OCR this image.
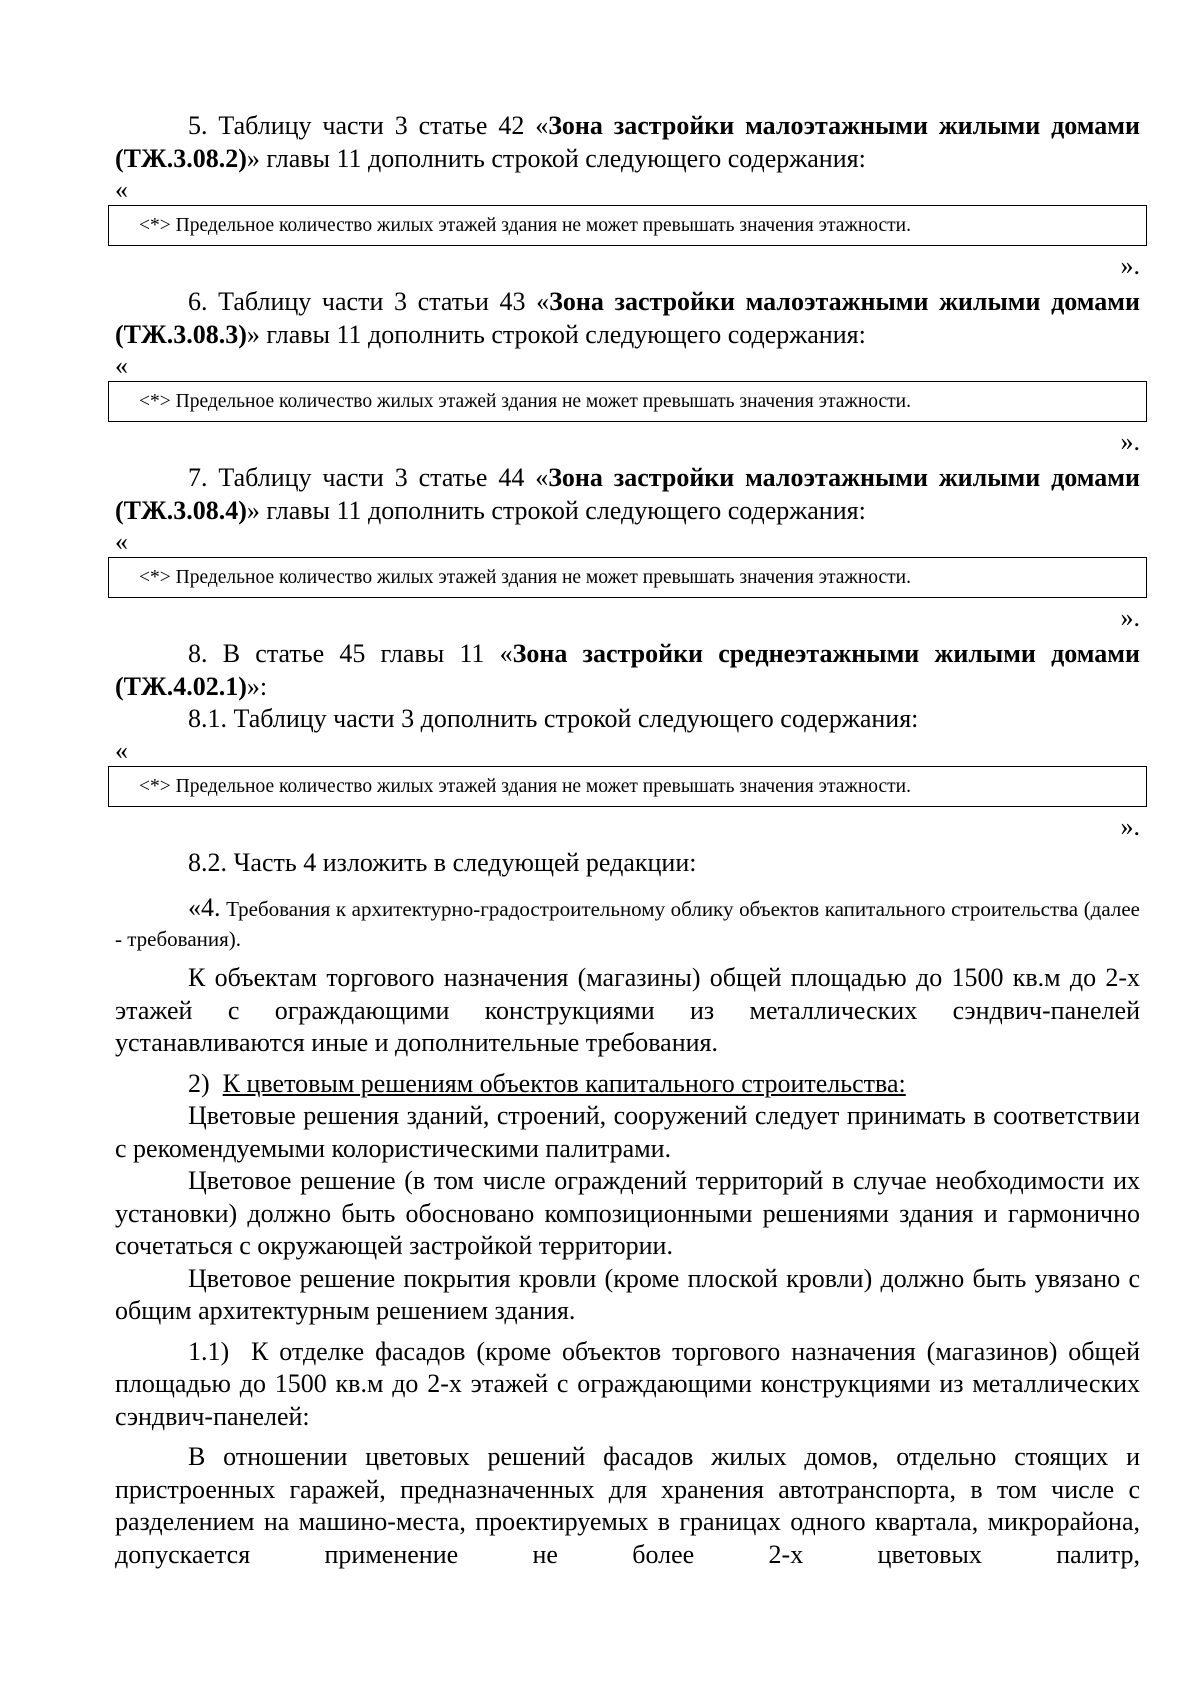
5. Таблицу части 3 статье 42 «Зона застройки малоэтажными жилыми домами (ТЖ.3.08.2)» главы 11 дополнить строкой следующего содержания:

«

<*> Предельное количество жилых этажей здания не может превышать значения этажности.

».

6. Таблицу части 3 статьи 43 «Зона застройки малоэтажными жилыми домами (ТЖ.3.08.3)» главы 11 дополнить строкой следующего содержания:

«

<*> Предельное количество жилых этажей здания не может превышать значения этажности.

».

7. Таблицу части 3 статье 44 «Зона застройки малоэтажными жилыми домами (ТЖ.3.08.4)» главы 11 дополнить строкой следующего содержания:

«

<*> Предельное количество жилых этажей здания не может превышать значения этажности.

».

8. В статье 45 главы 11 «Зона застройки среднеэтажными жилыми домами (ТЖ.4.02.1)»:

8.1. Таблицу части 3 дополнить строкой следующего содержания:

«

<*> Предельное количество жилых этажей здания не может превышать значения этажности.

».

8.2. Часть 4 изложить в следующей редакции:

«4. Требования к архитектурно-градостроительному облику объектов капитального строительства (далее - требования).

К объектам торгового назначения (магазины) общей площадью до 1500 кв.м до 2-х этажей с ограждающими конструкциями из металлических сэндвич-панелей устанавливаются иные и дополнительные требования.

2)  К цветовым решениям объектов капитального строительства:

Цветовые решения зданий, строений, сооружений следует принимать в соответствии с рекомендуемыми колористическими палитрами.

Цветовое решение (в том числе ограждений территорий в случае необходимости их установки) должно быть обосновано композиционными решениями здания и гармонично сочетаться с окружающей застройкой территории.

Цветовое решение покрытия кровли (кроме плоской кровли) должно быть увязано с общим архитектурным решением здания.

1.1)  К отделке фасадов (кроме объектов торгового назначения (магазинов) общей площадью до 1500 кв.м до 2-х этажей с ограждающими конструкциями из металлических сэндвич-панелей:

В отношении цветовых решений фасадов жилых домов, отдельно стоящих и пристроенных гаражей, предназначенных для хранения автотранспорта, в том числе с разделением на машино-места, проектируемых в границах одного квартала, микрорайона, допускается применение не более 2-х цветовых палитр,
